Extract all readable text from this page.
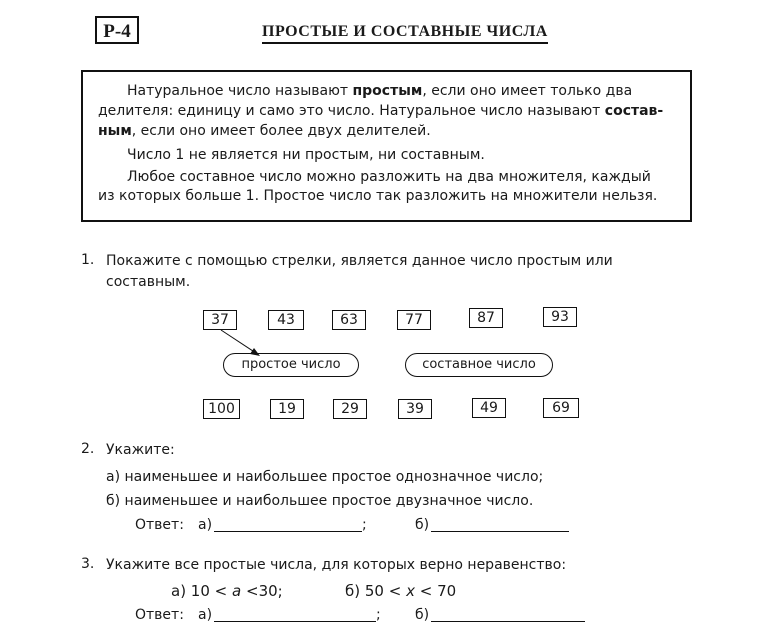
Р-4	ПРОСТЫЕ И СОСТАВНЫЕ ЧИСЛА
Натуральное число называют простым, если оно имеет только два
делителя: единицу и само это число. Натуральное число называют состав-
ным, если оно имеет более двух делителей.
Число 1 не является ни простым, ни составным.
Любое составное число можно разложить на два множителя, каждый
из которых больше 1. Простое число так разложить на множители нельзя.
1. Покажите с помощью стрелки, является данное число простым или
составным.
37	43	63	77	87	93
простое число	составное число
100	19	29	39	49	69
2. Укажите:
а) наименьшее и наибольшее простое однозначное число;
б) наименьшее и наибольшее простое двузначное число.
Ответ: а)	;	б)
3. Укажите все простые числа, для которых верно неравенство:
а) 10 < a <30;	б) 50 < x < 70
Ответ: а)	; б)
